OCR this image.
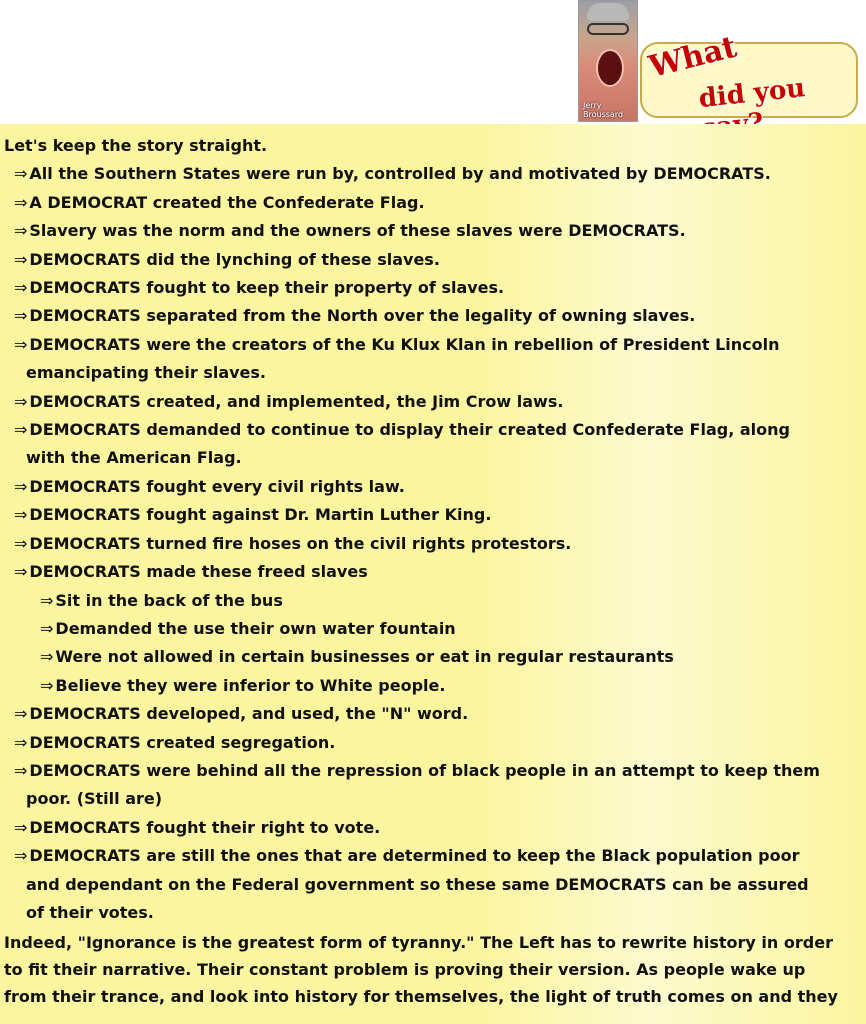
Jerry Broussard
What
did you
Let's keep the story straight.
⇒ All the Southern States were run by, controlled by and motivated by DEMOCRATS.
⇒ A DEMOCRAT created the Confederate Flag.
⇒ Slavery was the norm and the owners of these slaves were DEMOCRATS.
⇒ DEMOCRATS did the lynching of these slaves.
⇒ DEMOCRATS fought to keep their property of slaves.
⇒ DEMOCRATS separated from the North over the legality of owning slaves.
⇒ DEMOCRATS were the creators of the Ku Klux Klan in rebellion of President Lincoln
emancipating their slaves.
⇒ DEMOCRATS created, and implemented, the Jim Crow laws.
⇒ DEMOCRATS demanded to continue to display their created Confederate Flag, along
with the American Flag.
⇒ DEMOCRATS fought every civil rights law.
⇒ DEMOCRATS fought against Dr. Martin Luther King.
⇒ DEMOCRATS turned fire hoses on the civil rights protestors.
⇒ DEMOCRATS made these freed slaves
⇒ Sit in the back of the bus
⇒ Demanded the use their own water fountain
⇒ Were not allowed in certain businesses or eat in regular restaurants
⇒ Believe they were inferior to White people.
⇒ DEMOCRATS developed, and used, the "N" word.
⇒ DEMOCRATS created segregation.
⇒ DEMOCRATS were behind all the repression of black people in an attempt to keep them
poor. (Still are)
⇒ DEMOCRATS fought their right to vote.
⇒ DEMOCRATS are still the ones that are determined to keep the Black population poor
and dependant on the Federal government so these same DEMOCRATS can be assured
of their votes.
Indeed, "Ignorance is the greatest form of tyranny." The Left has to rewrite history in order
to fit their narrative. Their constant problem is proving their version. As people wake up
from their trance, and look into history for themselves, the light of truth comes on and they
